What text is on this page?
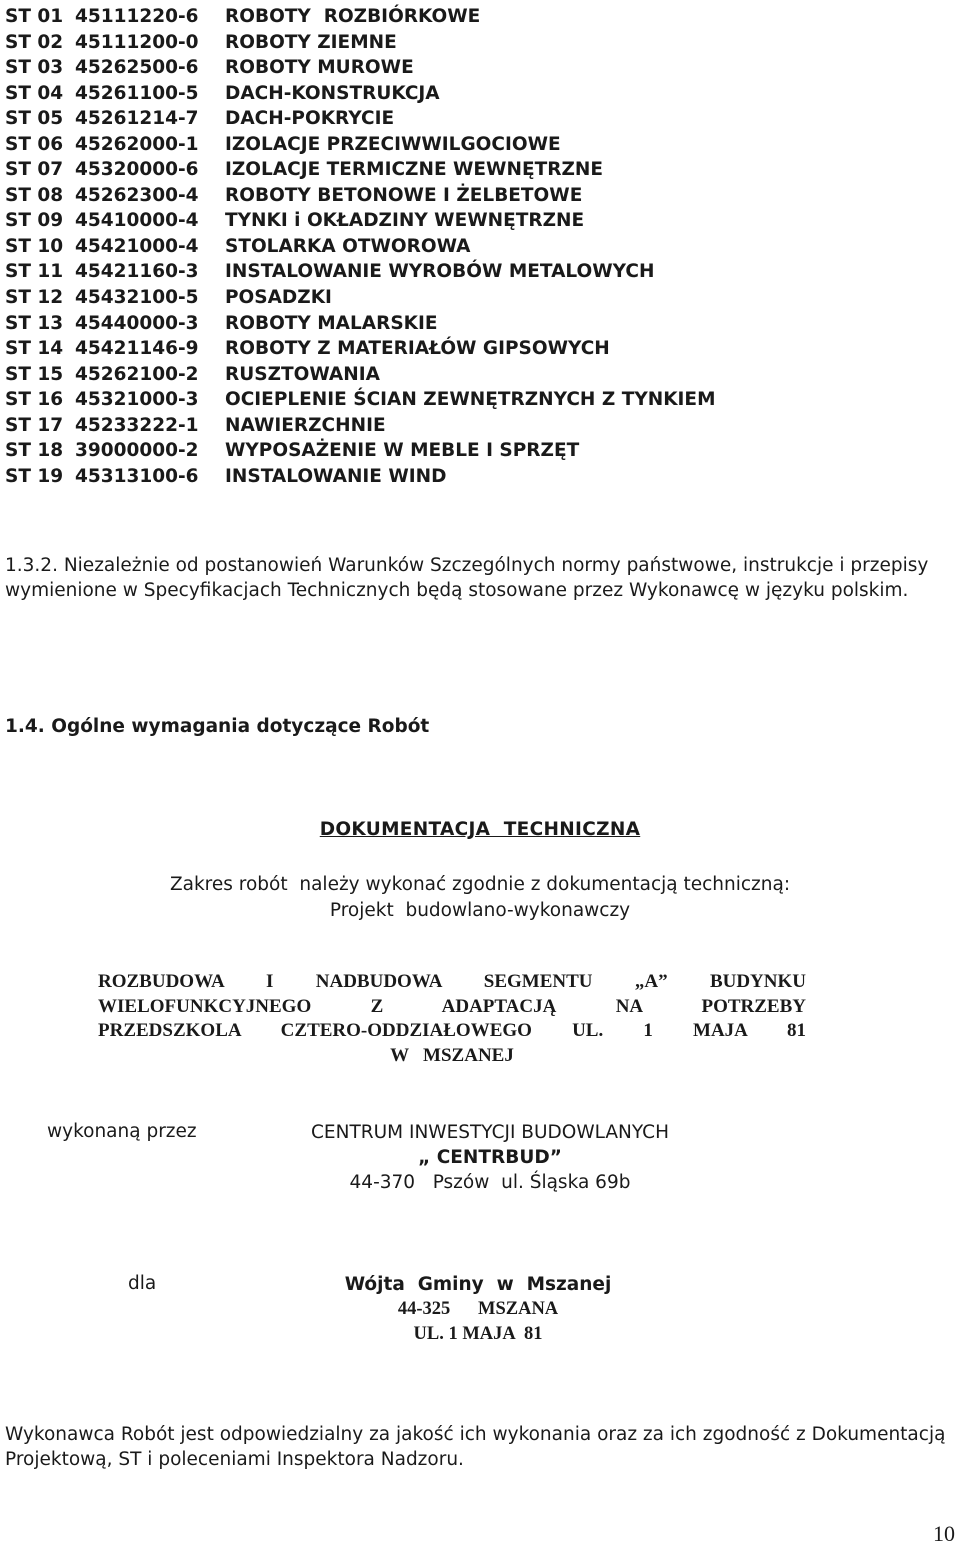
ST 01 45111220-6 ROBOTY  ROZBIÓRKOWE
ST 02 45111200-0 ROBOTY ZIEMNE
ST 03 45262500-6 ROBOTY MUROWE
ST 04 45261100-5 DACH-KONSTRUKCJA
ST 05 45261214-7 DACH-POKRYCIE
ST 06 45262000-1 IZOLACJE PRZECIWWILGOCIOWE
ST 07 45320000-6 IZOLACJE TERMICZNE WEWNĘTRZNE
ST 08 45262300-4 ROBOTY BETONOWE I ŻELBETOWE
ST 09 45410000-4 TYNKI i OKŁADZINY WEWNĘTRZNE
ST 10 45421000-4 STOLARKA OTWOROWA
ST 11 45421160-3 INSTALOWANIE WYROBÓW METALOWYCH
ST 12 45432100-5 POSADZKI
ST 13 45440000-3 ROBOTY MALARSKIE
ST 14 45421146-9 ROBOTY Z MATERIAŁÓW GIPSOWYCH
ST 15 45262100-2 RUSZTOWANIA
ST 16 45321000-3 OCIEPLENIE ŚCIAN ZEWNĘTRZNYCH Z TYNKIEM
ST 17 45233222-1 NAWIERZCHNIE
ST 18 39000000-2 WYPOSAŻENIE W MEBLE I SPRZĘT
ST 19 45313100-6 INSTALOWANIE WIND

1.3.2. Niezależnie od postanowień Warunków Szczególnych normy państwowe, instrukcje i przepisy wymienione w Specyfikacjach Technicznych będą stosowane przez Wykonawcę w języku polskim.

1.4. Ogólne wymagania dotyczące Robót
DOKUMENTACJA  TECHNICZNA
Zakres robót  należy wykonać zgodnie z dokumentacją techniczną:
Projekt  budowlano-wykonawczy
ROZBUDOWA I NADBUDOWA SEGMENTU „A” BUDYNKU
WIELOFUNKCYJNEGO Z ADAPTACJĄ NA POTRZEBY
PRZEDSZKOLA CZTERO-ODDZIAŁOWEGO UL. 1 MAJA 81
W   MSZANEJ
wykonaną przez	CENTRUM INWESTYCJI BUDOWLANYCH
„ CENTRBUD”
44-370   Pszów  ul. Śląska 69b
dla	Wójta  Gminy  w  Mszanej
44-325      MSZANA
UL. 1 MAJA  81

Wykonawca Robót jest odpowiedzialny za jakość ich wykonania oraz za ich zgodność z Dokumentacją Projektową, ST i poleceniami Inspektora Nadzoru.

10
